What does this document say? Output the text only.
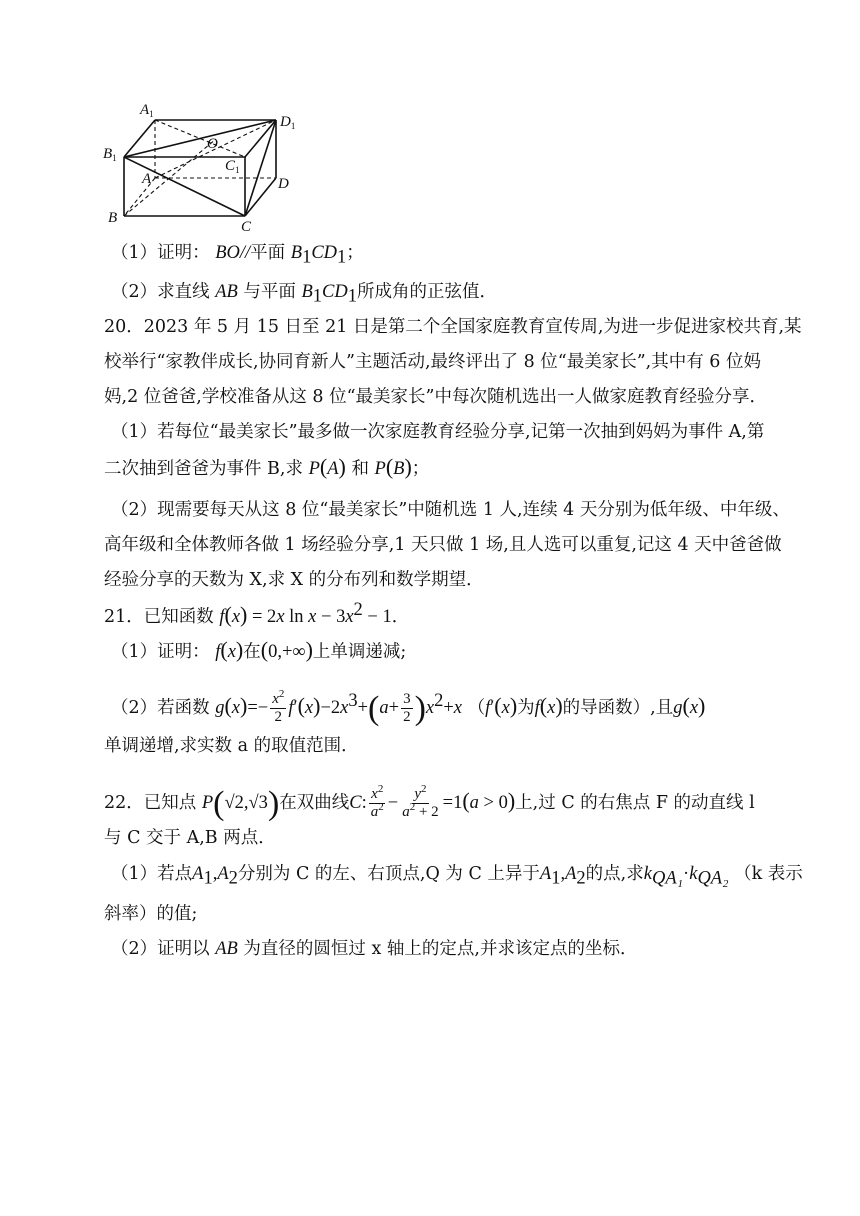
$A_1$	$D_1$
$B_1$
O
$C_1$
A	D
B
C
（1）证明： BO//平面 $B_1CD_1$；
（2）求直线 AB 与平面 $B_1CD_1$所成角的正弦值．
20．2023 年 5 月 15 日至 21 日是第二个全国家庭教育宣传周,为进一步促进家校共育,某
校举行“家教伴成长,协同育新人”主题活动,最终评出了 8 位“最美家长”,其中有 6 位妈
妈,2 位爸爸,学校准备从这 8 位“最美家长”中每次随机选出一人做家庭教育经验分享．
（1）若每位“最美家长”最多做一次家庭教育经验分享,记第一次抽到妈妈为事件 A,第
二次抽到爸爸为事件 B,求 P(A) 和 P(B)；
（2）现需要每天从这 8 位“最美家长”中随机选 1 人,连续 4 天分别为低年级、中年级、
高年级和全体教师各做 1 场经验分享,1 天只做 1 场,且人选可以重复,记这 4 天中爸爸做
经验分享的天数为 X,求 X 的分布列和数学期望．
21．已知函数 f(x) = 2x $\ln x - 3x^2 - 1$．
（1）证明： f(x)在(0,+∞)上单调递减;
（2）若函数 $g(x)=- \frac{x^2}{2} f'(x)-2x^3+(a+ \frac{3}{2} )x^2+x$ （f′(x)为f(x)的导函数）,且g(x)
单调递增,求实数 a 的取值范围．
22．已知点 P(√2,√3)在双曲线C: $\frac{x^2}{a^2} - \frac{y^2}{a^2 + 2} =1(a > 0)$上,过 C 的右焦点 F 的动直线 l
与 C 交于 A,B 两点．
（1）若点$A_1,A_2$分别为 C 的左、右顶点,Q 为 C 上异于$A_1,A_2$的点,求$k_{QA_1}\cdot k_{QA_2}$ （k 表示
斜率）的值;
（2）证明以 AB 为直径的圆恒过 x 轴上的定点,并求该定点的坐标．
